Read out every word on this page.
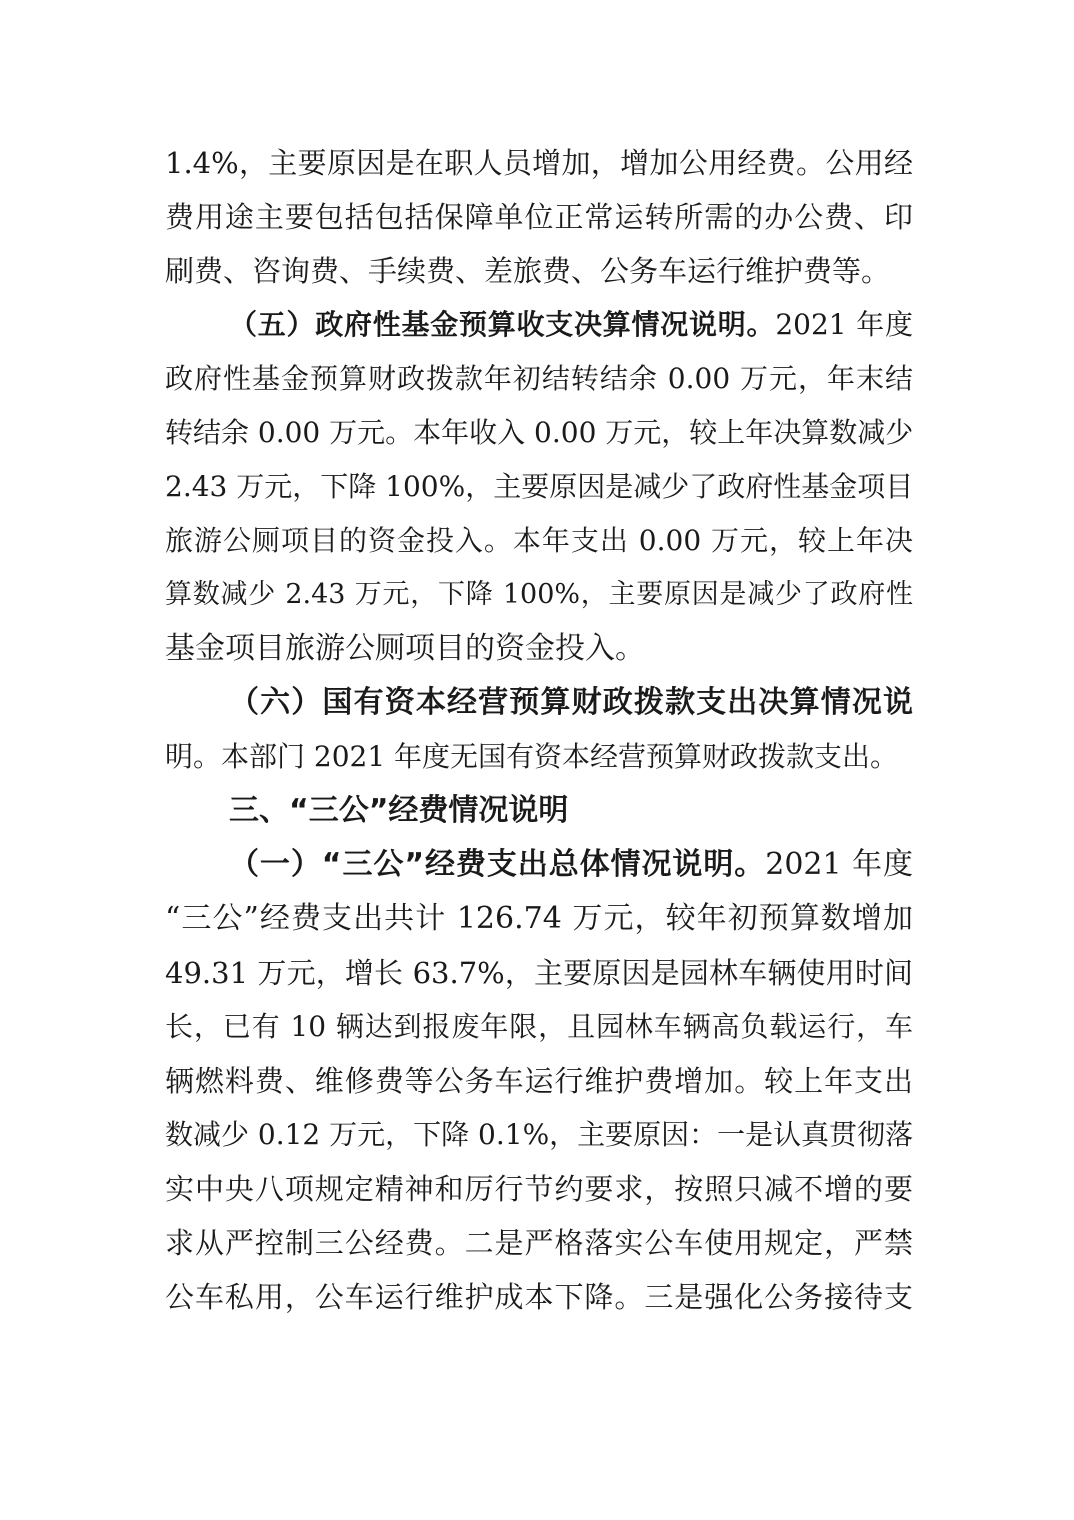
1.4%，主要原因是在职人员增加，增加公用经费。公用经
费用途主要包括包括保障单位正常运转所需的办公费、印
刷费、咨询费、手续费、差旅费、公务车运行维护费等。
（五）政府性基金预算收支决算情况说明。2021 年度
政府性基金预算财政拨款年初结转结余 0.00 万元，年末结
转结余 0.00 万元。本年收入 0.00 万元，较上年决算数减少
2.43 万元，下降 100%，主要原因是减少了政府性基金项目
旅游公厕项目的资金投入。本年支出 0.00 万元，较上年决
算数减少 2.43 万元，下降 100%，主要原因是减少了政府性
基金项目旅游公厕项目的资金投入。
（六）国有资本经营预算财政拨款支出决算情况说
明。本部门 2021 年度无国有资本经营预算财政拨款支出。
三、“三公”经费情况说明
（一）“三公”经费支出总体情况说明。2021 年度
“三公”经费支出共计 126.74 万元，较年初预算数增加
49.31 万元，增长 63.7%，主要原因是园林车辆使用时间
长，已有 10 辆达到报废年限，且园林车辆高负载运行，车
辆燃料费、维修费等公务车运行维护费增加。较上年支出
数减少 0.12 万元，下降 0.1%，主要原因：一是认真贯彻落
实中央八项规定精神和厉行节约要求，按照只减不增的要
求从严控制三公经费。二是严格落实公车使用规定，严禁
公车私用，公车运行维护成本下降。三是强化公务接待支
